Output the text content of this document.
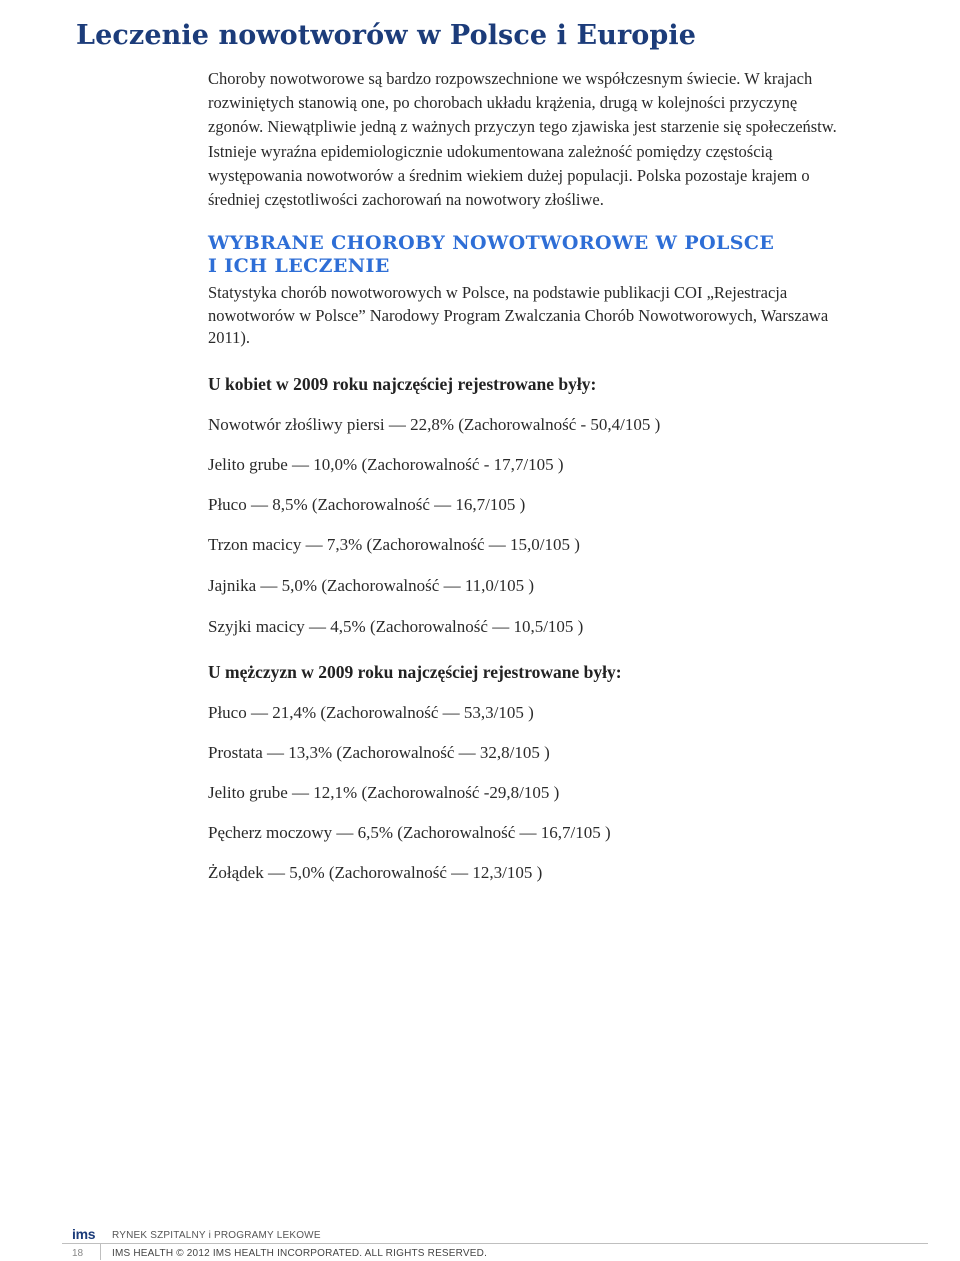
Leczenie nowotworów w Polsce i Europie

Choroby nowotworowe są bardzo rozpowszechnione we współczesnym świecie. W krajach rozwiniętych stanowią one, po chorobach układu krążenia, drugą w kolejności przyczynę zgonów. Niewątpliwie jedną z ważnych przyczyn tego zjawiska jest starzenie się społeczeństw. Istnieje wyraźna epidemiologicznie udokumentowana zależność pomiędzy częstością występowania nowotworów a średnim wiekiem dużej populacji. Polska pozostaje krajem o średniej częstotliwości zachorowań na nowotwory złośliwe.

WYBRANE CHOROBY NOWOTWOROWE W POLSCE
I ICH LECZENIE

Statystyka chorób nowotworowych w Polsce, na podstawie publikacji COI „Rejestracja nowotworów w Polsce” Narodowy Program Zwalczania Chorób Nowotworowych, Warszawa 2011).

U kobiet w 2009 roku najczęściej rejestrowane były:

Nowotwór złośliwy piersi — 22,8% (Zachorowalność - 50,4/105 )

Jelito grube — 10,0% (Zachorowalność - 17,7/105 )

Płuco — 8,5% (Zachorowalność — 16,7/105 )

Trzon macicy — 7,3% (Zachorowalność — 15,0/105 )

Jajnika — 5,0% (Zachorowalność — 11,0/105 )

Szyjki macicy — 4,5% (Zachorowalność — 10,5/105 )

U mężczyzn w 2009 roku najczęściej rejestrowane były:

Płuco — 21,4% (Zachorowalność — 53,3/105 )

Prostata — 13,3% (Zachorowalność — 32,8/105 )

Jelito grube — 12,1% (Zachorowalność -29,8/105 )

Pęcherz moczowy — 6,5% (Zachorowalność — 16,7/105 )

Żołądek — 5,0% (Zachorowalność — 12,3/105 )

ims RYNEK SZPITALNY i PROGRAMY LEKOWE
18	IMS HEALTH © 2012 IMS HEALTH INCORPORATED. ALL RIGHTS RESERVED.
